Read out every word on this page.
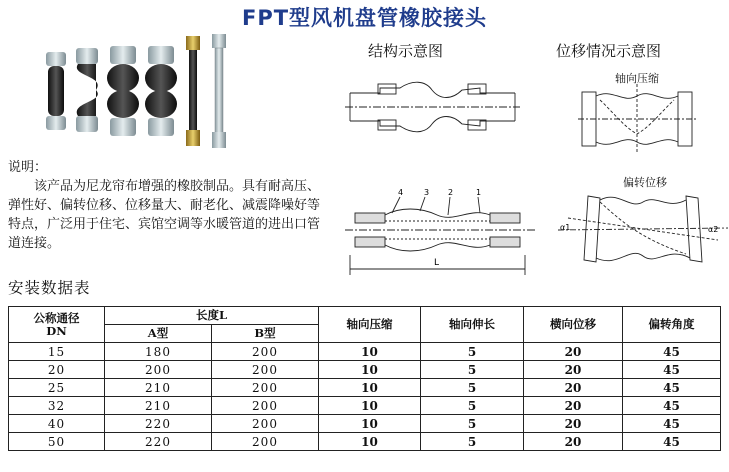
FPT型风机盘管橡胶接头
结构示意图	位移情况示意图
4	3 2	1
L
轴向压缩
偏转位移
α1	α2
说明：
该产品为尼龙帘布增强的橡胶制品。具有耐高压、弹性好、偏转位移、位移量大、耐老化、减震降噪好等特点，广泛用于住宅、宾馆空调等水暖管道的进出口管道连接。
安装数据表
公称通径
DN	长度L		轴向压缩	轴向伸长	横向位移	偏转角度
	A型	B型				
15	180	200	10	5	20	45
20	200	200	10	5	20	45
25	210	200	10	5	20	45
32	210	200	10	5	20	45
40	220	200	10	5	20	45
50	220	200	10	5	20	45
